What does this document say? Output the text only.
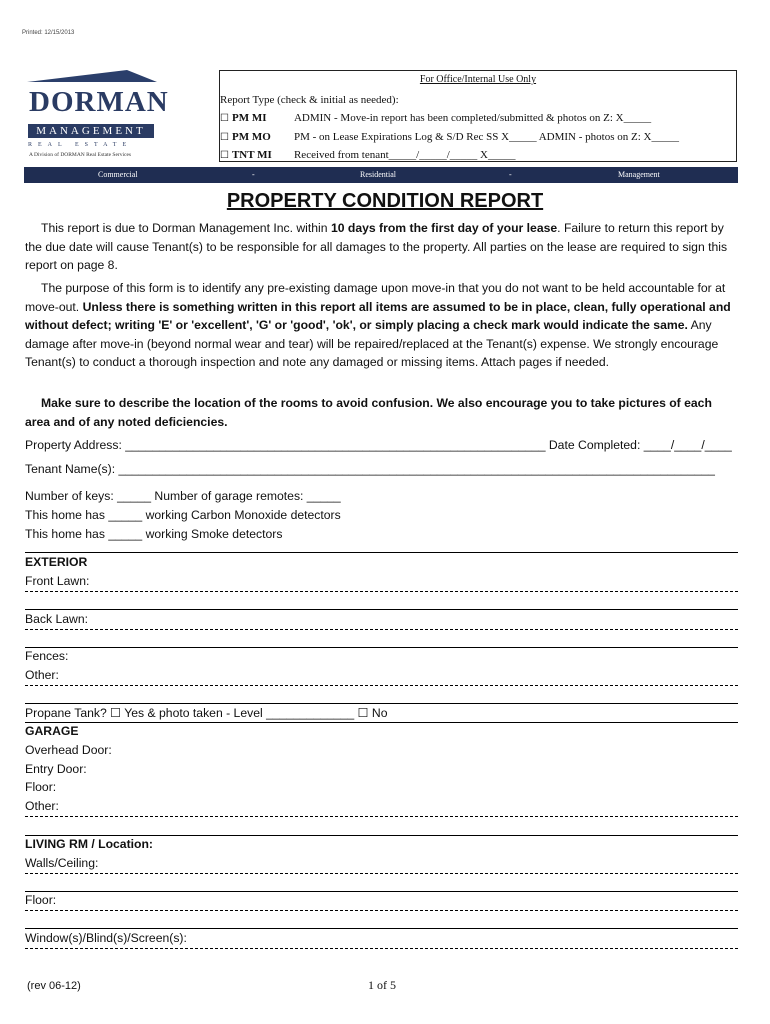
Printed: 12/15/2013
DORMAN
MANAGEMENT
REAL ESTATE
A Division of DORMAN Real Estate Services
For Office/Internal Use Only
Report Type (check & initial as needed):
☐ PM MI ADMIN - Move-in report has been completed/submitted & photos on Z: X_____
☐ PM MO PM - on Lease Expirations Log & S/D Rec SS X_____ ADMIN - photos on Z: X_____
☐ TNT MI Received from tenant_____/_____/_____ X_____
Commercial	-	Residential	-	Management
PROPERTY CONDITION REPORT
This report is due to Dorman Management Inc. within 10 days from the first day of your lease. Failure to return this report by the due date will cause Tenant(s) to be responsible for all damages to the property. All parties on the lease are required to sign this report on page 8.
The purpose of this form is to identify any pre-existing damage upon move-in that you do not want to be held accountable for at move-out. Unless there is something written in this report all items are assumed to be in place, clean, fully operational and without defect; writing 'E' or 'excellent', 'G' or 'good', 'ok', or simply placing a check mark would indicate the same. Any damage after move-in (beyond normal wear and tear) will be repaired/replaced at the Tenant(s) expense. We strongly encourage Tenant(s) to conduct a thorough inspection and note any damaged or missing items. Attach pages if needed.
Make sure to describe the location of the rooms to avoid confusion. We also encourage you to take pictures of each area and of any noted deficiencies.
Property Address: ______________________________________________________________ Date Completed: ____/____/____
Tenant Name(s): ________________________________________________________________________________________
Number of keys: _____ Number of garage remotes: _____
This home has _____ working Carbon Monoxide detectors
This home has _____ working Smoke detectors
EXTERIOR
Front Lawn:
Back Lawn:
Fences:
Other:
Propane Tank? ☐ Yes & photo taken - Level _____________ ☐ No
GARAGE
Overhead Door:
Entry Door:
Floor:
Other:
LIVING RM / Location:
Walls/Ceiling:
Floor:
Window(s)/Blind(s)/Screen(s):
(rev 06-12)	1 of 5
